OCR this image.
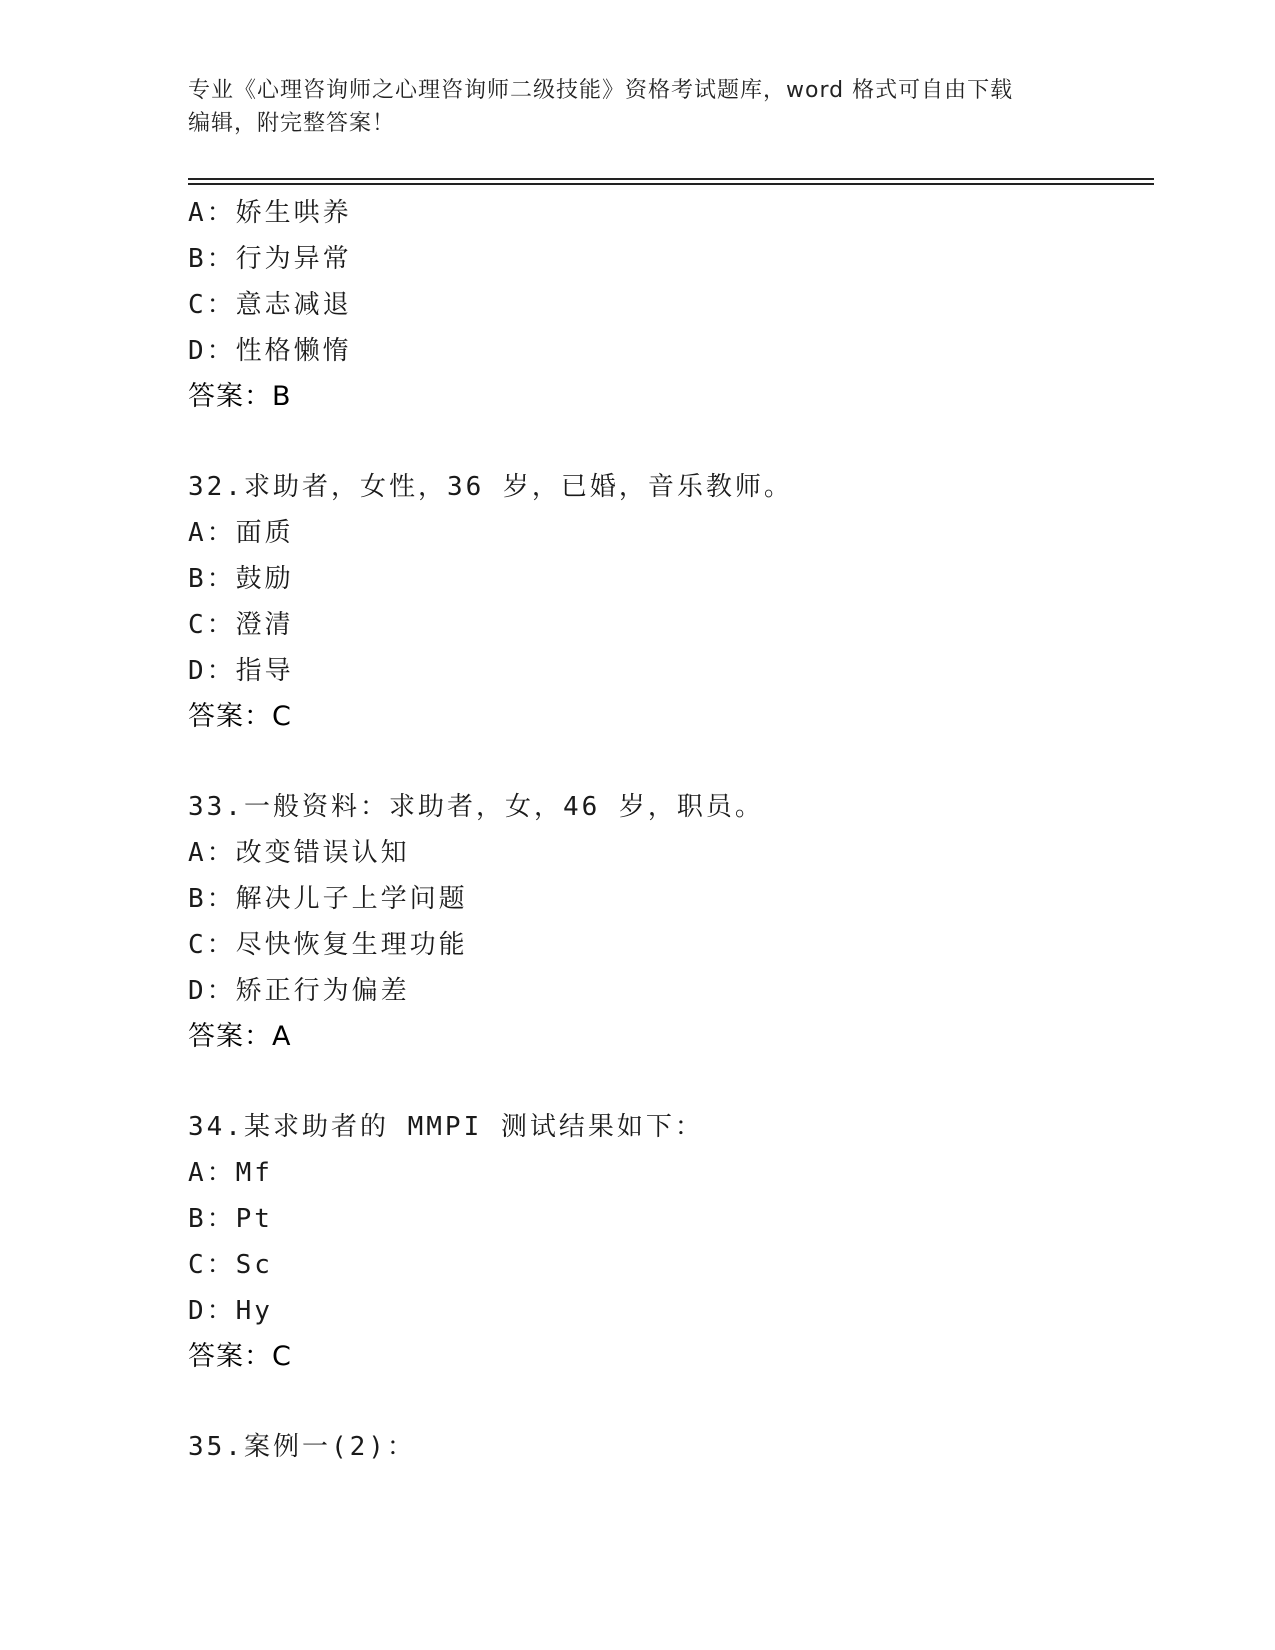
专业《心理咨询师之心理咨询师二级技能》资格考试题库，word 格式可自由下载
编辑，附完整答案！
A：娇生哄养
B：行为异常
C：意志减退
D：性格懒惰
答案：B
32.求助者，女性，36 岁，已婚，音乐教师。
A：面质
B：鼓励
C：澄清
D：指导
答案：C
33.一般资料：求助者，女，46 岁，职员。
A：改变错误认知
B：解决儿子上学问题
C：尽快恢复生理功能
D：矫正行为偏差
答案：A
34.某求助者的 MMPI 测试结果如下：
A：Mf
B：Pt
C：Sc
D：Hy
答案：C
35.案例一(2)：
